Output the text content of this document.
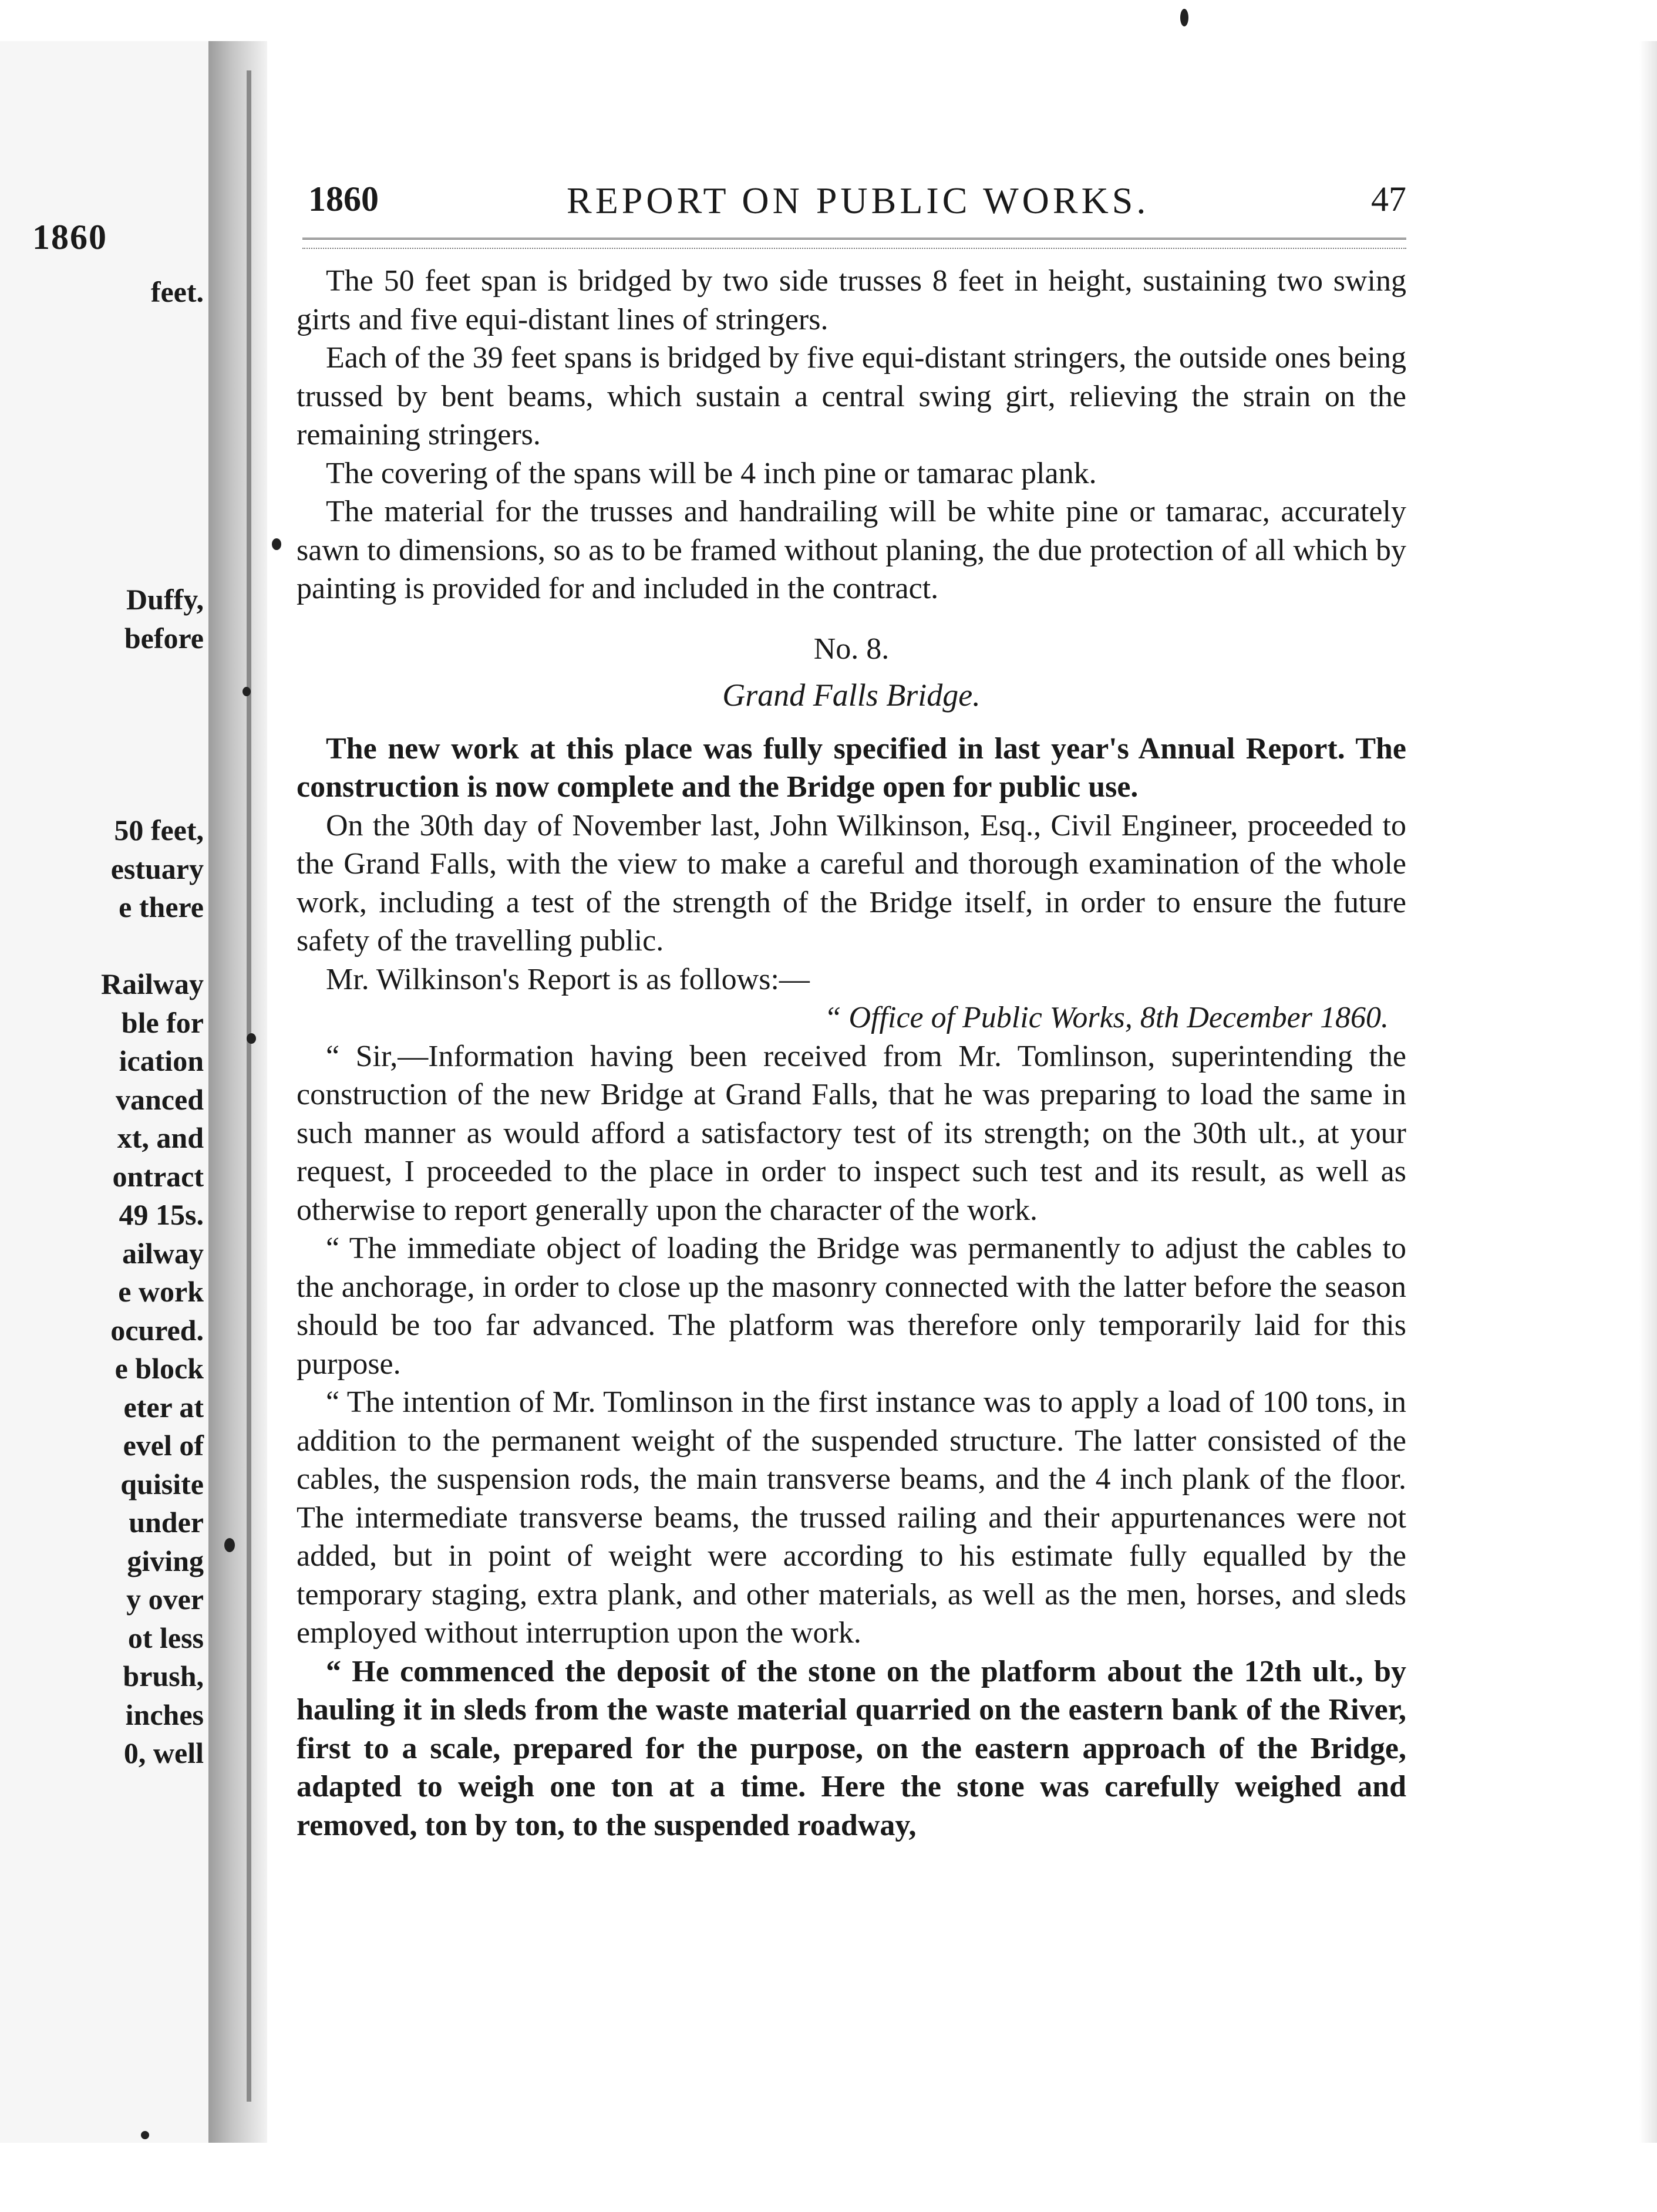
1860
feet.
Duffy,
before
50 feet,
estuary
e there
Railway
ble for
ication
vanced
xt, and
ontract
49 15s.
ailway
e work
ocured.
e block
eter at
evel of
quisite
under
giving
y over
ot less
brush,
inches
0, well
1860	REPORT ON PUBLIC WORKS.	47

The 50 feet span is bridged by two side trusses 8 feet in height, sustaining two swing girts and five equi-distant lines of stringers.

Each of the 39 feet spans is bridged by five equi-distant stringers, the outside ones being trussed by bent beams, which sustain a central swing girt, relieving the strain on the remaining stringers.

The covering of the spans will be 4 inch pine or tamarac plank.

The material for the trusses and handrailing will be white pine or tamarac, accurately sawn to dimensions, so as to be framed without planing, the due protection of all which by painting is provided for and included in the contract.

No. 8.
Grand Falls Bridge.

The new work at this place was fully specified in last year's Annual Report. The construction is now complete and the Bridge open for public use.

On the 30th day of November last, John Wilkinson, Esq., Civil Engineer, proceeded to the Grand Falls, with the view to make a careful and thorough examination of the whole work, including a test of the strength of the Bridge itself, in order to ensure the future safety of the travelling public.

Mr. Wilkinson's Report is as follows:—

“ Office of Public Works, 8th December 1860.

“ Sir,—Information having been received from Mr. Tomlinson, superintending the construction of the new Bridge at Grand Falls, that he was preparing to load the same in such manner as would afford a satisfactory test of its strength; on the 30th ult., at your request, I proceeded to the place in order to inspect such test and its result, as well as otherwise to report generally upon the character of the work.

“ The immediate object of loading the Bridge was permanently to adjust the cables to the anchorage, in order to close up the masonry connected with the latter before the season should be too far advanced. The platform was therefore only temporarily laid for this purpose.

“ The intention of Mr. Tomlinson in the first instance was to apply a load of 100 tons, in addition to the permanent weight of the suspended structure. The latter consisted of the cables, the suspension rods, the main transverse beams, and the 4 inch plank of the floor. The intermediate transverse beams, the trussed railing and their appurtenances were not added, but in point of weight were according to his estimate fully equalled by the temporary staging, extra plank, and other materials, as well as the men, horses, and sleds employed without interruption upon the work.

“ He commenced the deposit of the stone on the platform about the 12th ult., by hauling it in sleds from the waste material quarried on the eastern bank of the River, first to a scale, prepared for the purpose, on the eastern approach of the Bridge, adapted to weigh one ton at a time. Here the stone was carefully weighed and removed, ton by ton, to the suspended roadway,
